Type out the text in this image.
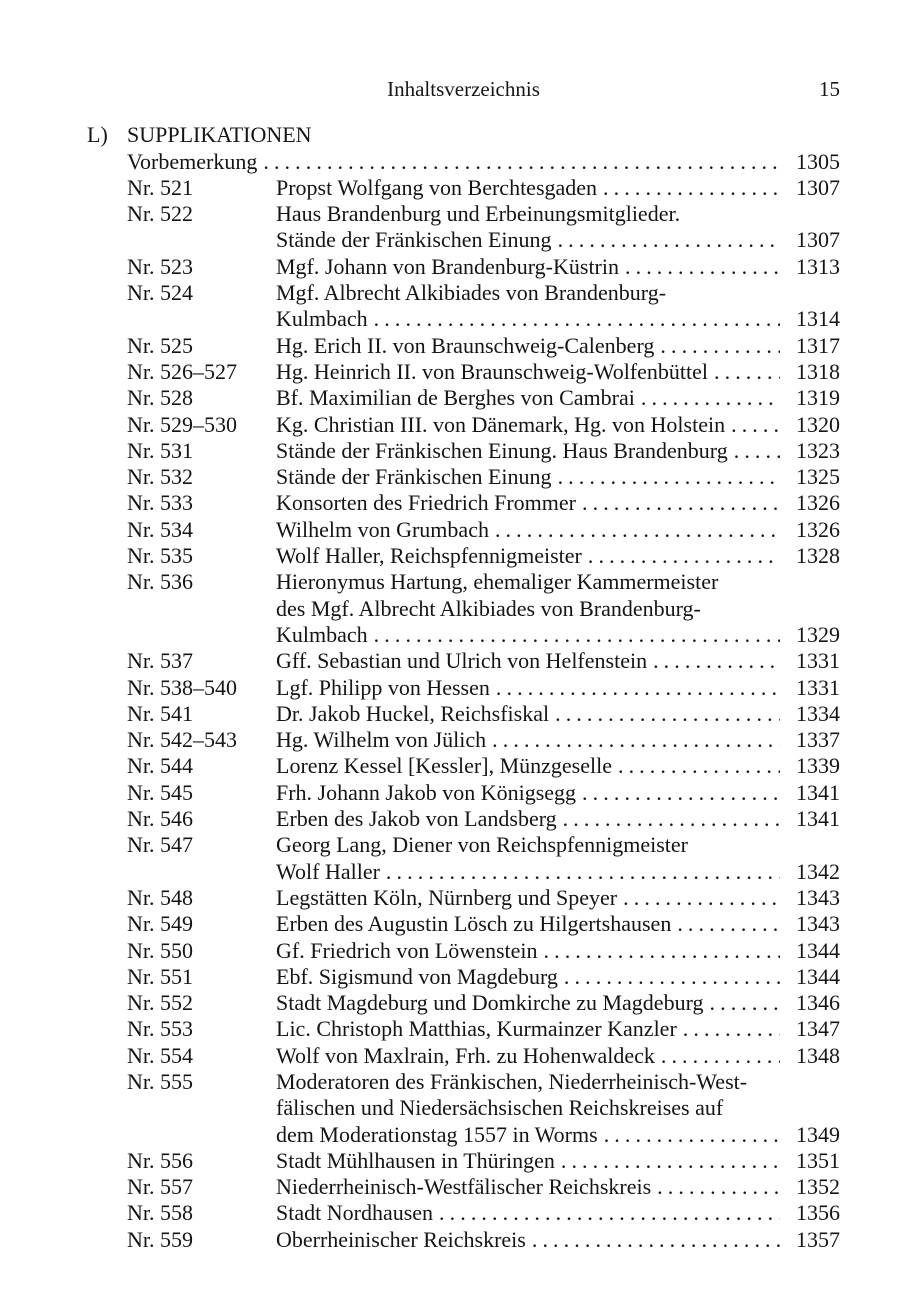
Inhaltsverzeichnis	15
L) SUPPLIKATIONEN
Vorbemerkung .....	1305
Nr. 521	Propst Wolfgang von Berchtesgaden .....	1307
Nr. 522	Haus Brandenburg und Erbeinungsmitglieder.
Stände der Fränkischen Einung .....	1307
Nr. 523	Mgf. Johann von Brandenburg-Küstrin .....	1313
Nr. 524	Mgf. Albrecht Alkibiades von Brandenburg-
Kulmbach .....	1314
Nr. 525	Hg. Erich II. von Braunschweig-Calenberg .....	1317
Nr. 526–527	Hg. Heinrich II. von Braunschweig-Wolfenbüttel .....	1318
Nr. 528	Bf. Maximilian de Berghes von Cambrai .....	1319
Nr. 529–530	Kg. Christian III. von Dänemark, Hg. von Holstein .....	1320
Nr. 531	Stände der Fränkischen Einung. Haus Brandenburg .....	1323
Nr. 532	Stände der Fränkischen Einung .....	1325
Nr. 533	Konsorten des Friedrich Frommer .....	1326
Nr. 534	Wilhelm von Grumbach .....	1326
Nr. 535	Wolf Haller, Reichspfennigmeister .....	1328
Nr. 536	Hieronymus Hartung, ehemaliger Kammermeister
des Mgf. Albrecht Alkibiades von Brandenburg-
Kulmbach .....	1329
Nr. 537	Gff. Sebastian und Ulrich von Helfenstein .....	1331
Nr. 538–540	Lgf. Philipp von Hessen .....	1331
Nr. 541	Dr. Jakob Huckel, Reichsfiskal .....	1334
Nr. 542–543	Hg. Wilhelm von Jülich .....	1337
Nr. 544	Lorenz Kessel [Kessler], Münzgeselle .....	1339
Nr. 545	Frh. Johann Jakob von Königsegg .....	1341
Nr. 546	Erben des Jakob von Landsberg .....	1341
Nr. 547	Georg Lang, Diener von Reichspfennigmeister
Wolf Haller .....	1342
Nr. 548	Legstätten Köln, Nürnberg und Speyer .....	1343
Nr. 549	Erben des Augustin Lösch zu Hilgertshausen .....	1343
Nr. 550	Gf. Friedrich von Löwenstein .....	1344
Nr. 551	Ebf. Sigismund von Magdeburg .....	1344
Nr. 552	Stadt Magdeburg und Domkirche zu Magdeburg .....	1346
Nr. 553	Lic. Christoph Matthias, Kurmainzer Kanzler .....	1347
Nr. 554	Wolf von Maxlrain, Frh. zu Hohenwaldeck .....	1348
Nr. 555	Moderatoren des Fränkischen, Niederrheinisch-West-
fälischen und Niedersächsischen Reichskreises auf
dem Moderationstag 1557 in Worms .....	1349
Nr. 556	Stadt Mühlhausen in Thüringen .....	1351
Nr. 557	Niederrheinisch-Westfälischer Reichskreis .....	1352
Nr. 558	Stadt Nordhausen .....	1356
Nr. 559	Oberrheinischer Reichskreis .....	1357
